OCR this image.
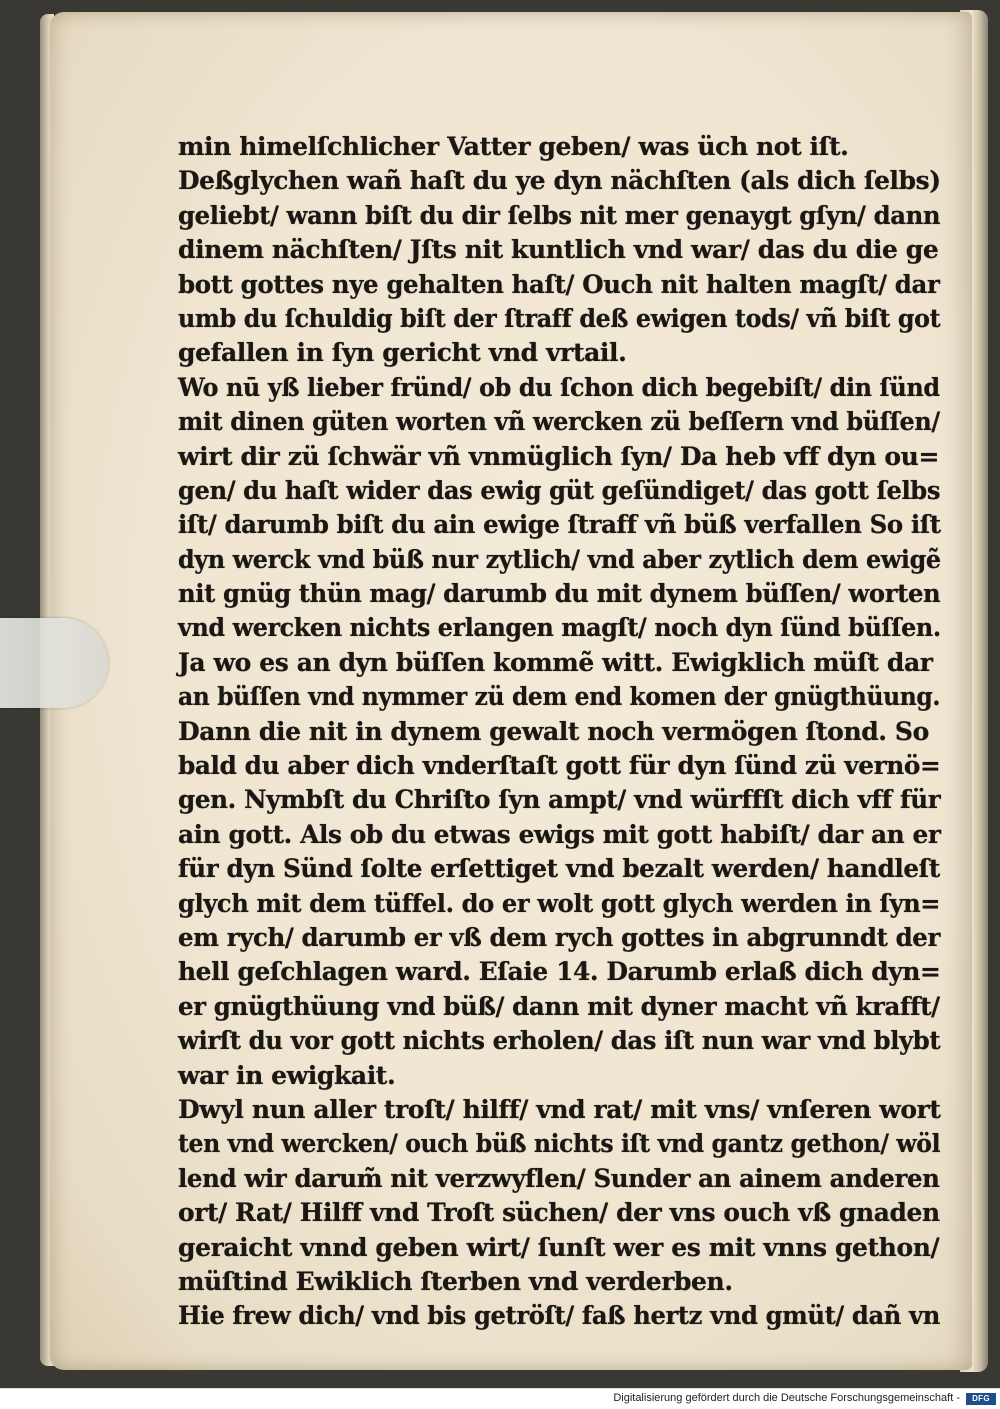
min himelſchlicher Vatter geben/ was üch not iſt.
Deßglychen wañ haſt du ye dyn nächſten (als dich ſelbs)
geliebt/ wann biſt du dir ſelbs nit mer genaygt gſyn/ dann
dinem nächſten/ Jſts nit kuntlich vnd war/ das du die ge
bott gottes nye gehalten haſt/ Ouch nit halten magſt/ dar
umb du ſchuldig biſt der ſtraff deß ewigen tods/ vñ biſt got
gefallen in ſyn gericht vnd vrtail.
Wo nū yß lieber fründ/ ob du ſchon dich begebiſt/ din ſünd
mit dinen güten worten vñ wercken zü beſſern vnd büſſen/
wirt dir zü ſchwär vñ vnmüglich ſyn/ Da heb vff dyn ou=
gen/ du haſt wider das ewig güt geſündiget/ das gott ſelbs
iſt/ darumb biſt du ain ewige ſtraff vñ büß verfallen So iſt
dyn werck vnd büß nur zytlich/ vnd aber zytlich dem ewigẽ
nit gnüg thün mag/ darumb du mit dynem büſſen/ worten
vnd wercken nichts erlangen magſt/ noch dyn ſünd büſſen.
Ja wo es an dyn büſſen kommẽ witt. Ewigklich müſt dar
an büſſen vnd nymmer zü dem end komen der gnügthüung.
Dann die nit in dynem gewalt noch vermögen ſtond. So
bald du aber dich vnderſtaſt gott für dyn ſünd zü vernö=
gen. Nymbſt du Chriſto ſyn ampt/ vnd würffſt dich vff für
ain gott. Als ob du etwas ewigs mit gott habiſt/ dar an er
für dyn Sünd ſolte erſettiget vnd bezalt werden/ handleſt
glych mit dem tüffel. do er wolt gott glych werden in ſyn=
em rych/ darumb er vß dem rych gottes in abgrunndt der
hell geſchlagen ward. Eſaie 14. Darumb erlaß dich dyn=
er gnügthüung vnd büß/ dann mit dyner macht vñ krafft/
wirſt du vor gott nichts erholen/ das iſt nun war vnd blybt
war in ewigkait.
Dwyl nun aller troſt/ hilff/ vnd rat/ mit vns/ vnſeren wort
ten vnd wercken/ ouch büß nichts iſt vnd gantz gethon/ wöl
lend wir darum̃ nit verzwyflen/ Sunder an ainem anderen
ort/ Rat/ Hilff vnd Troſt süchen/ der vns ouch vß gnaden
geraicht vnnd geben wirt/ ſunſt wer es mit vnns gethon/
müſtind Ewiklich ſterben vnd verderben.
Hie frew dich/ vnd bis getröſt/ faß hertz vnd gmüt/ dañ vn
Digitalisierung gefördert durch die Deutsche Forschungsgemeinschaft -	DFG
